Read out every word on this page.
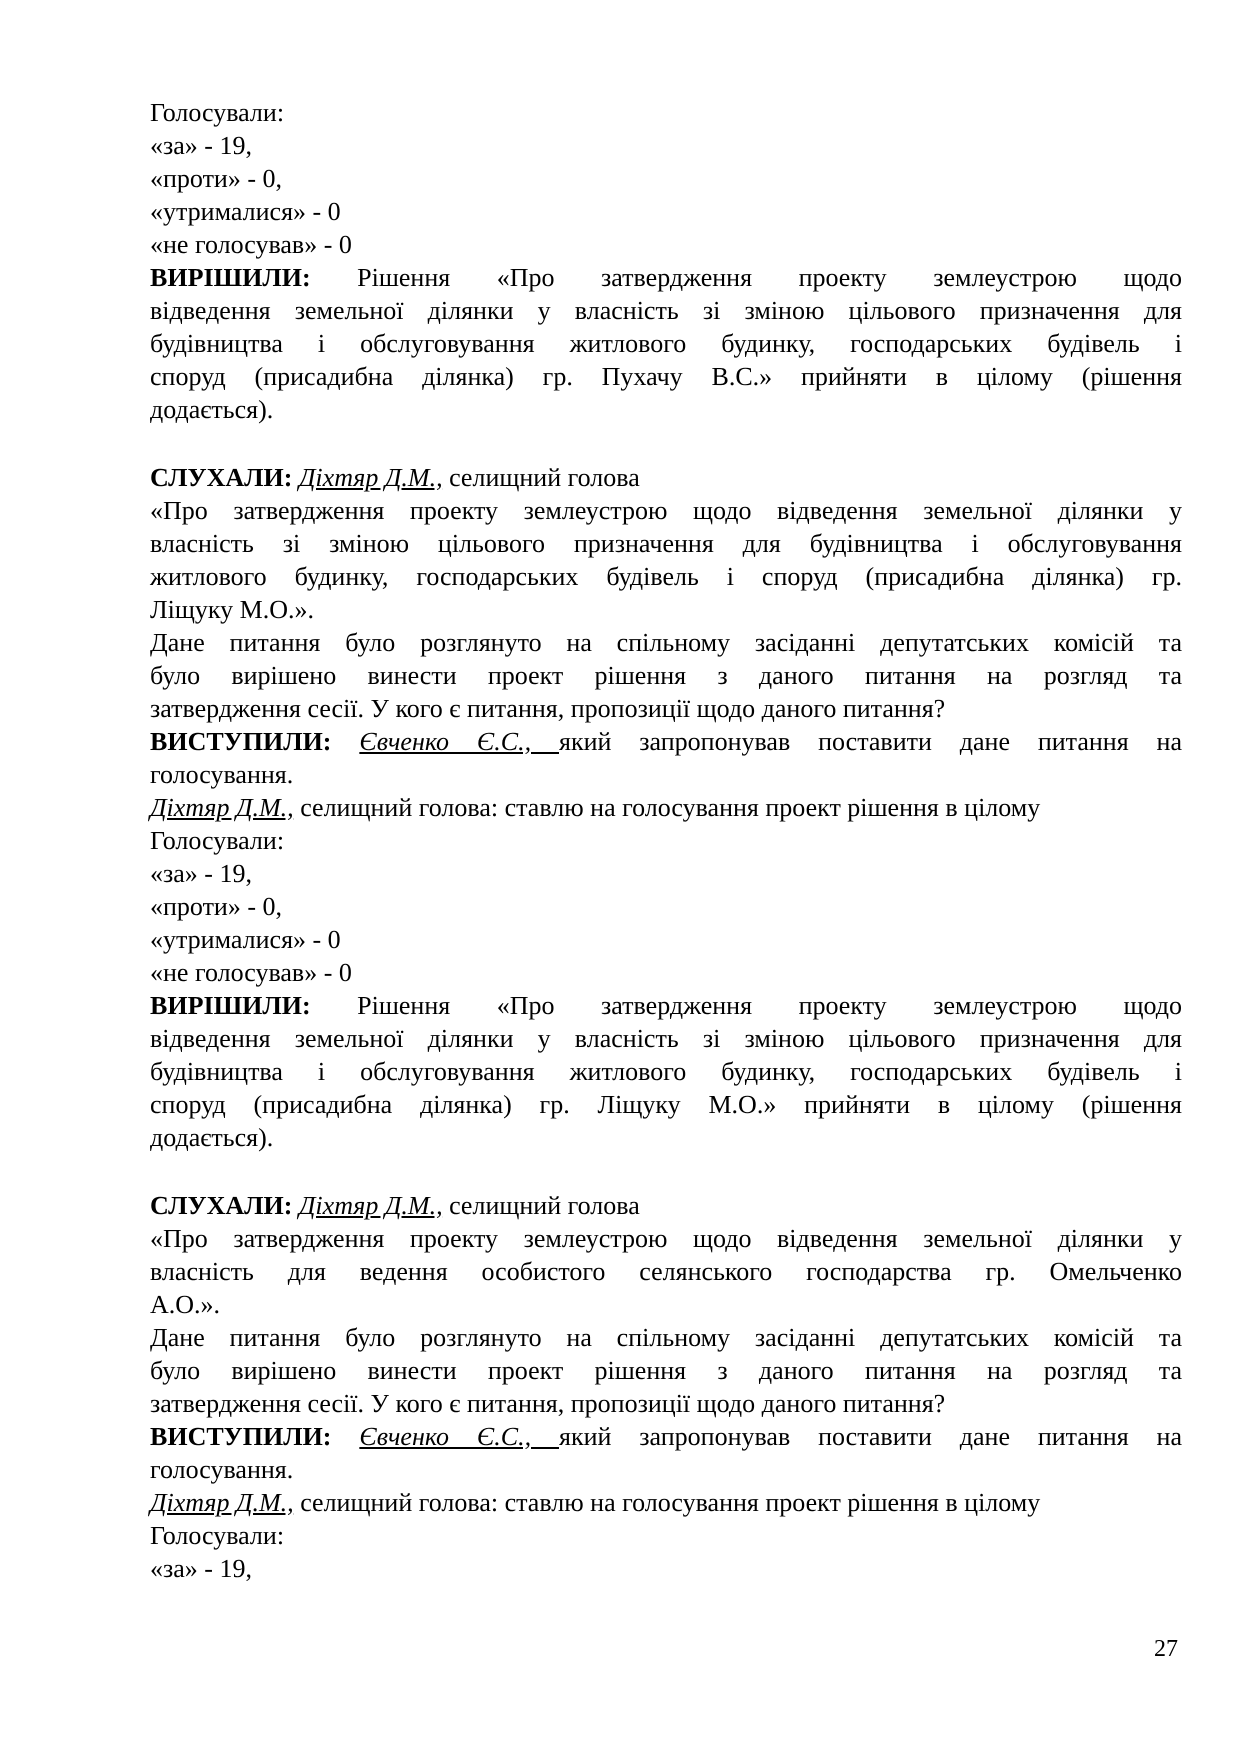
Голосували:
«за» - 19,
«проти» - 0,
«утрималися» - 0
«не голосував» - 0
ВИРІШИЛИ: Рішення «Про затвердження проекту землеустрою щодо
відведення земельної ділянки у власність зі зміною цільового призначення для
будівництва і обслуговування житлового будинку, господарських будівель і
споруд (присадибна ділянка) гр. Пухачу В.С.» прийняти в цілому (рішення
додається).
СЛУХАЛИ: Діхтяр Д.М., селищний голова
«Про затвердження проекту землеустрою щодо відведення земельної ділянки у
власність зі зміною цільового призначення для будівництва і обслуговування
житлового будинку, господарських будівель і споруд (присадибна ділянка) гр.
Ліщуку М.О.».
Дане питання було розглянуто на спільному засіданні депутатських комісій та
було вирішено винести проект рішення з даного питання на розгляд та
затвердження сесії. У кого є питання, пропозиції щодо даного питання?
ВИСТУПИЛИ: Євченко Є.С., який запропонував поставити дане питання на
голосування.
Діхтяр Д.М., селищний голова: ставлю на голосування проект рішення в цілому
Голосували:
«за» - 19,
«проти» - 0,
«утрималися» - 0
«не голосував» - 0
ВИРІШИЛИ: Рішення «Про затвердження проекту землеустрою щодо
відведення земельної ділянки у власність зі зміною цільового призначення для
будівництва і обслуговування житлового будинку, господарських будівель і
споруд (присадибна ділянка) гр. Ліщуку М.О.» прийняти в цілому (рішення
додається).
СЛУХАЛИ: Діхтяр Д.М., селищний голова
«Про затвердження проекту землеустрою щодо відведення земельної ділянки у
власність для ведення особистого селянського господарства гр. Омельченко
А.О.».
Дане питання було розглянуто на спільному засіданні депутатських комісій та
було вирішено винести проект рішення з даного питання на розгляд та
затвердження сесії. У кого є питання, пропозиції щодо даного питання?
ВИСТУПИЛИ: Євченко Є.С., який запропонував поставити дане питання на
голосування.
Діхтяр Д.М., селищний голова: ставлю на голосування проект рішення в цілому
Голосували:
«за» - 19,
27
